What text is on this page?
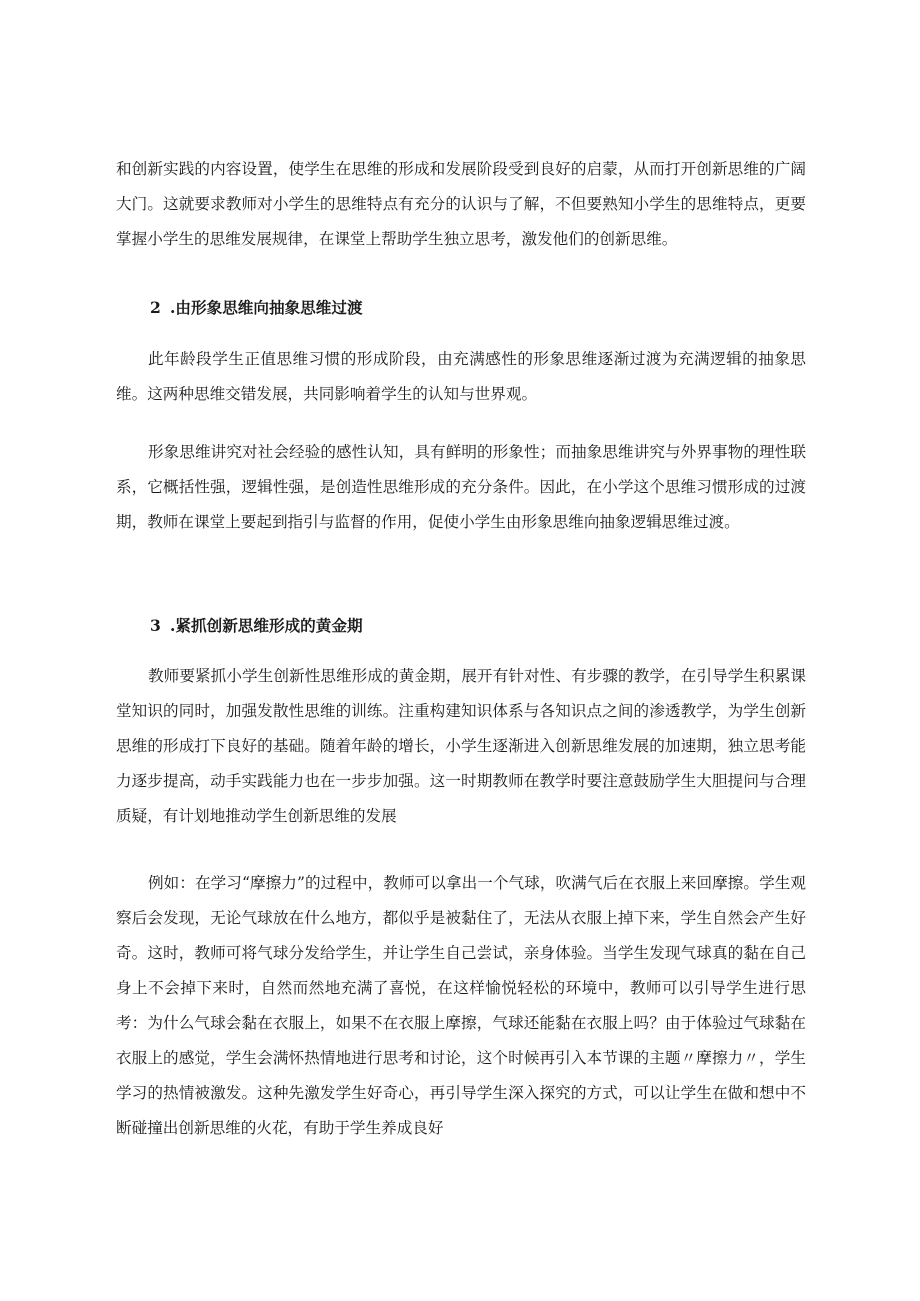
和创新实践的内容设置，使学生在思维的形成和发展阶段受到良好的启蒙，从而打开创新思维的广阔大门。这就要求教师对小学生的思维特点有充分的认识与了解，不但要熟知小学生的思维特点，更要掌握小学生的思维发展规律，在课堂上帮助学生独立思考，激发他们的创新思维。

2 .由形象思维向抽象思维过渡

此年龄段学生正值思维习惯的形成阶段，由充满感性的形象思维逐渐过渡为充满逻辑的抽象思维。这两种思维交错发展，共同影响着学生的认知与世界观。

形象思维讲究对社会经验的感性认知，具有鲜明的形象性；而抽象思维讲究与外界事物的理性联系，它概括性强，逻辑性强，是创造性思维形成的充分条件。因此，在小学这个思维习惯形成的过渡期，教师在课堂上要起到指引与监督的作用，促使小学生由形象思维向抽象逻辑思维过渡。

3 .紧抓创新思维形成的黄金期

教师要紧抓小学生创新性思维形成的黄金期，展开有针对性、有步骤的教学，在引导学生积累课堂知识的同时，加强发散性思维的训练。注重构建知识体系与各知识点之间的渗透教学，为学生创新思维的形成打下良好的基础。随着年龄的增长，小学生逐渐进入创新思维发展的加速期，独立思考能力逐步提高，动手实践能力也在一步步加强。这一时期教师在教学时要注意鼓励学生大胆提问与合理质疑，有计划地推动学生创新思维的发展

例如：在学习“摩擦力”的过程中，教师可以拿出一个气球，吹满气后在衣服上来回摩擦。学生观察后会发现，无论气球放在什么地方，都似乎是被黏住了，无法从衣服上掉下来，学生自然会产生好奇。这时，教师可将气球分发给学生，并让学生自己尝试，亲身体验。当学生发现气球真的黏在自己身上不会掉下来时，自然而然地充满了喜悦，在这样愉悦轻松的环境中，教师可以引导学生进行思考：为什么气球会黏在衣服上，如果不在衣服上摩擦，气球还能黏在衣服上吗？由于体验过气球黏在衣服上的感觉，学生会满怀热情地进行思考和讨论，这个时候再引入本节课的主题〃摩擦力〃，学生学习的热情被激发。这种先激发学生好奇心，再引导学生深入探究的方式，可以让学生在做和想中不断碰撞出创新思维的火花，有助于学生养成良好
